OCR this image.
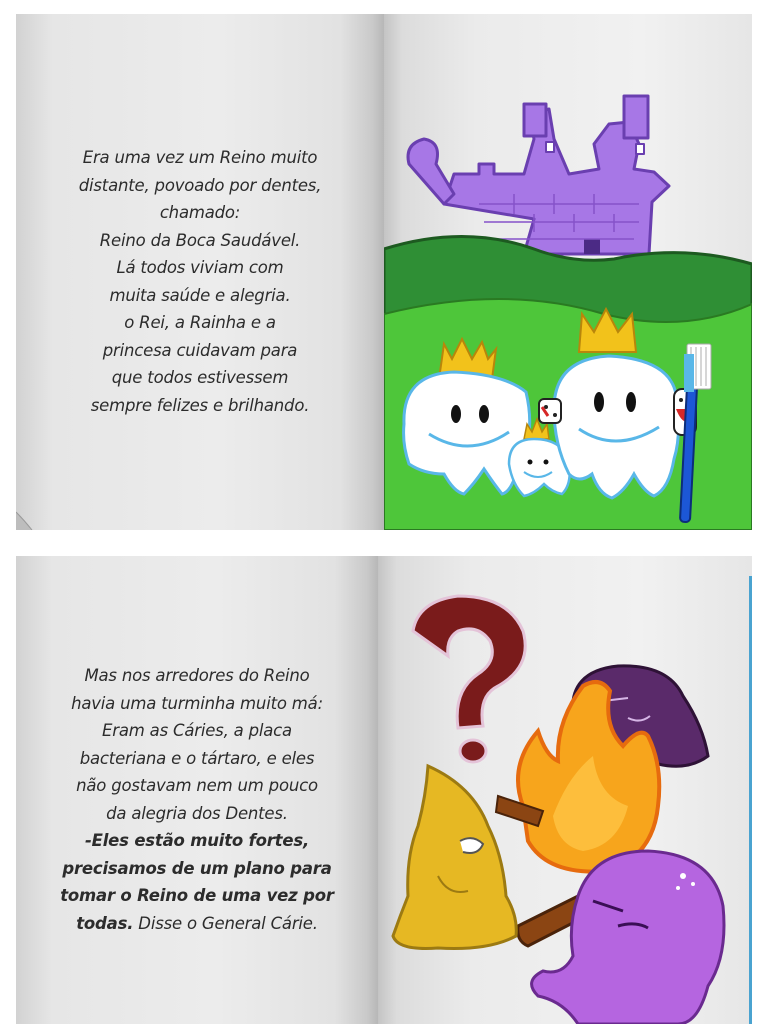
Era uma vez um Reino muito
distante, povoado por dentes,
chamado:
Reino da Boca Saudável.
Lá todos viviam com
muita saúde e alegria.
o Rei, a Rainha e a
princesa cuidavam para
que todos estivessem
sempre felizes e brilhando.
Mas nos arredores do Reino
havia uma turminha muito má:
Eram as Cáries, a placa
bacteriana e o tártaro, e eles
não gostavam nem um pouco
da alegria dos Dentes.
-Eles estão muito fortes,
precisamos de um plano para
tomar o Reino de uma vez por
todas. Disse o General Cárie.
